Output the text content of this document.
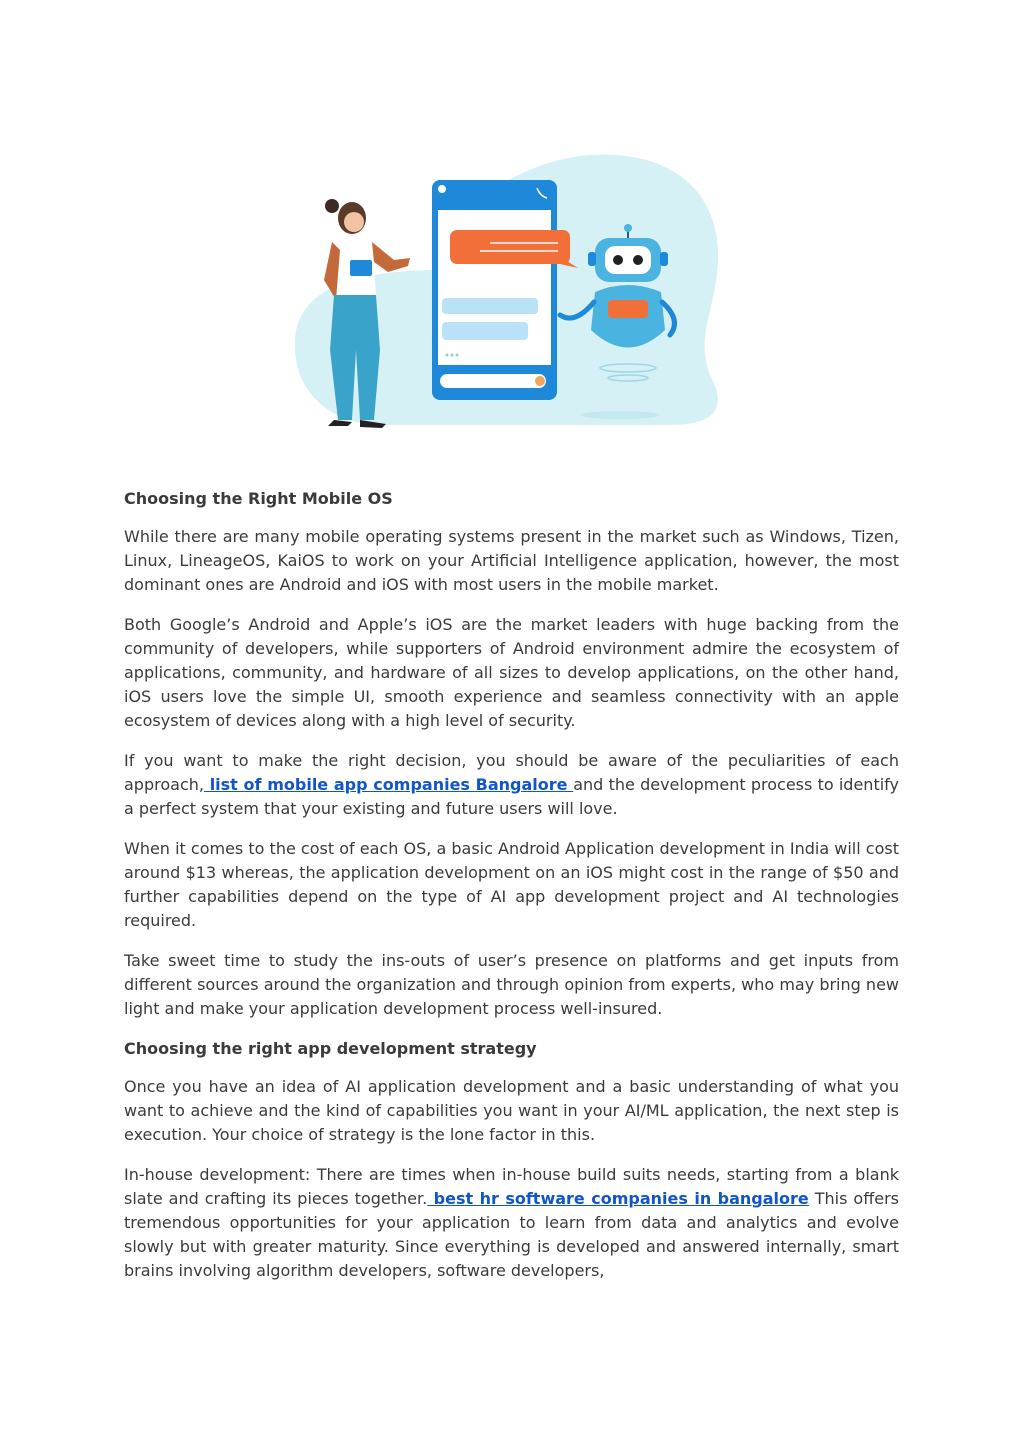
Choosing the Right Mobile OS

While there are many mobile operating systems present in the market such as Windows, Tizen, Linux, LineageOS, KaiOS to work on your Artificial Intelligence application, however, the most dominant ones are Android and iOS with most users in the mobile market.

Both Google’s Android and Apple’s iOS are the market leaders with huge backing from the community of developers, while supporters of Android environment admire the ecosystem of applications, community, and hardware of all sizes to develop applications, on the other hand, iOS users love the simple UI, smooth experience and seamless connectivity with an apple ecosystem of devices along with a high level of security.

If you want to make the right decision, you should be aware of the peculiarities of each approach, list of mobile app companies Bangalore and the development process to identify a perfect system that your existing and future users will love.

When it comes to the cost of each OS, a basic Android Application development in India will cost around $13 whereas, the application development on an iOS might cost in the range of $50 and further capabilities depend on the type of AI app development project and AI technologies required.

Take sweet time to study the ins-outs of user’s presence on platforms and get inputs from different sources around the organization and through opinion from experts, who may bring new light and make your application development process well-insured.

Choosing the right app development strategy

Once you have an idea of AI application development and a basic understanding of what you want to achieve and the kind of capabilities you want in your AI/ML application, the next step is execution. Your choice of strategy is the lone factor in this.

In-house development: There are times when in-house build suits needs, starting from a blank slate and crafting its pieces together. best hr software companies in bangalore This offers tremendous opportunities for your application to learn from data and analytics and evolve slowly but with greater maturity. Since everything is developed and answered internally, smart brains involving algorithm developers, software developers,
